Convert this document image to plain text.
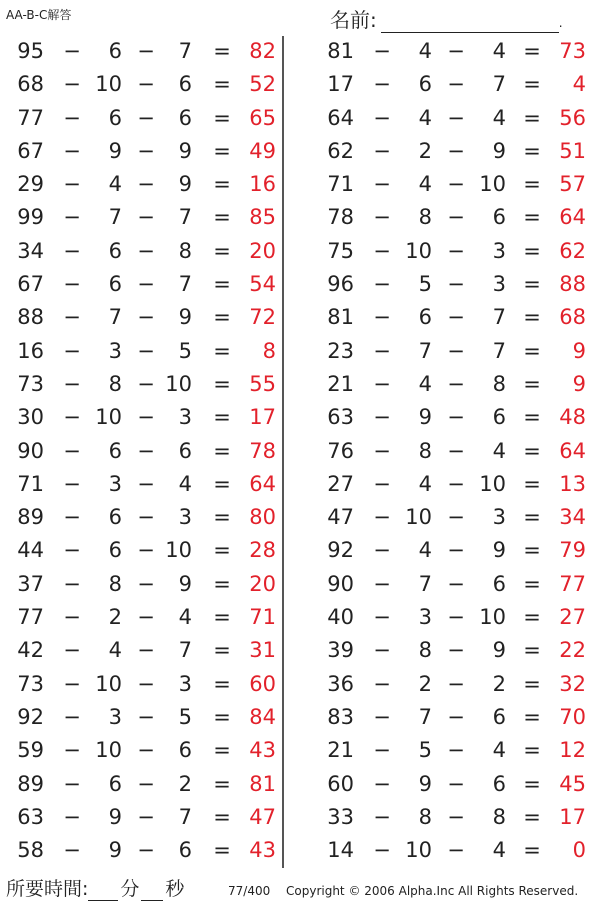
AA-B-C解答	名前:	.
95 −	6 −	7 = 82
68 − 10 −	6 = 52
77 −	6 −	6 = 65
67 −	9 −	9 = 49
29 −	4 −	9 = 16
99 −	7 −	7 = 85
34 −	6 −	8 = 20
67 −	6 −	7 = 54
88 −	7 −	9 = 72
16 −	3 −	5 =	8
73 −	8 − 10 = 55
30 − 10 −	3 = 17
90 −	6 −	6 = 78
71 −	3 −	4 = 64
89 −	6 −	3 = 80
44 −	6 − 10 = 28
37 −	8 −	9 = 20
77 −	2 −	4 = 71
42 −	4 −	7 = 31
73 − 10 −	3 = 60
92 −	3 −	5 = 84
59 − 10 −	6 = 43
89 −	6 −	2 = 81
63 −	9 −	7 = 47
58 −	9 −	6 = 43
81 −	4 −	4 = 73
17 −	6 −	7 =	4
64 −	4 −	4 = 56
62 −	2 −	9 = 51
71 −	4 − 10 = 57
78 −	8 −	6 = 64
75 − 10 −	3 = 62
96 −	5 −	3 = 88
81 −	6 −	7 = 68
23 −	7 −	7 =	9
21 −	4 −	8 =	9
63 −	9 −	6 = 48
76 −	8 −	4 = 64
27 −	4 − 10 = 13
47 − 10 −	3 = 34
92 −	4 −	9 = 79
90 −	7 −	6 = 77
40 −	3 − 10 = 27
39 −	8 −	9 = 22
36 −	2 −	2 = 32
83 −	7 −	6 = 70
21 −	5 −	4 = 12
60 −	9 −	6 = 45
33 −	8 −	8 = 17
14 − 10 −	4 =	0
所要時間: 分 秒	77/400 Copyright © 2006 Alpha.Inc All Rights Reserved.
